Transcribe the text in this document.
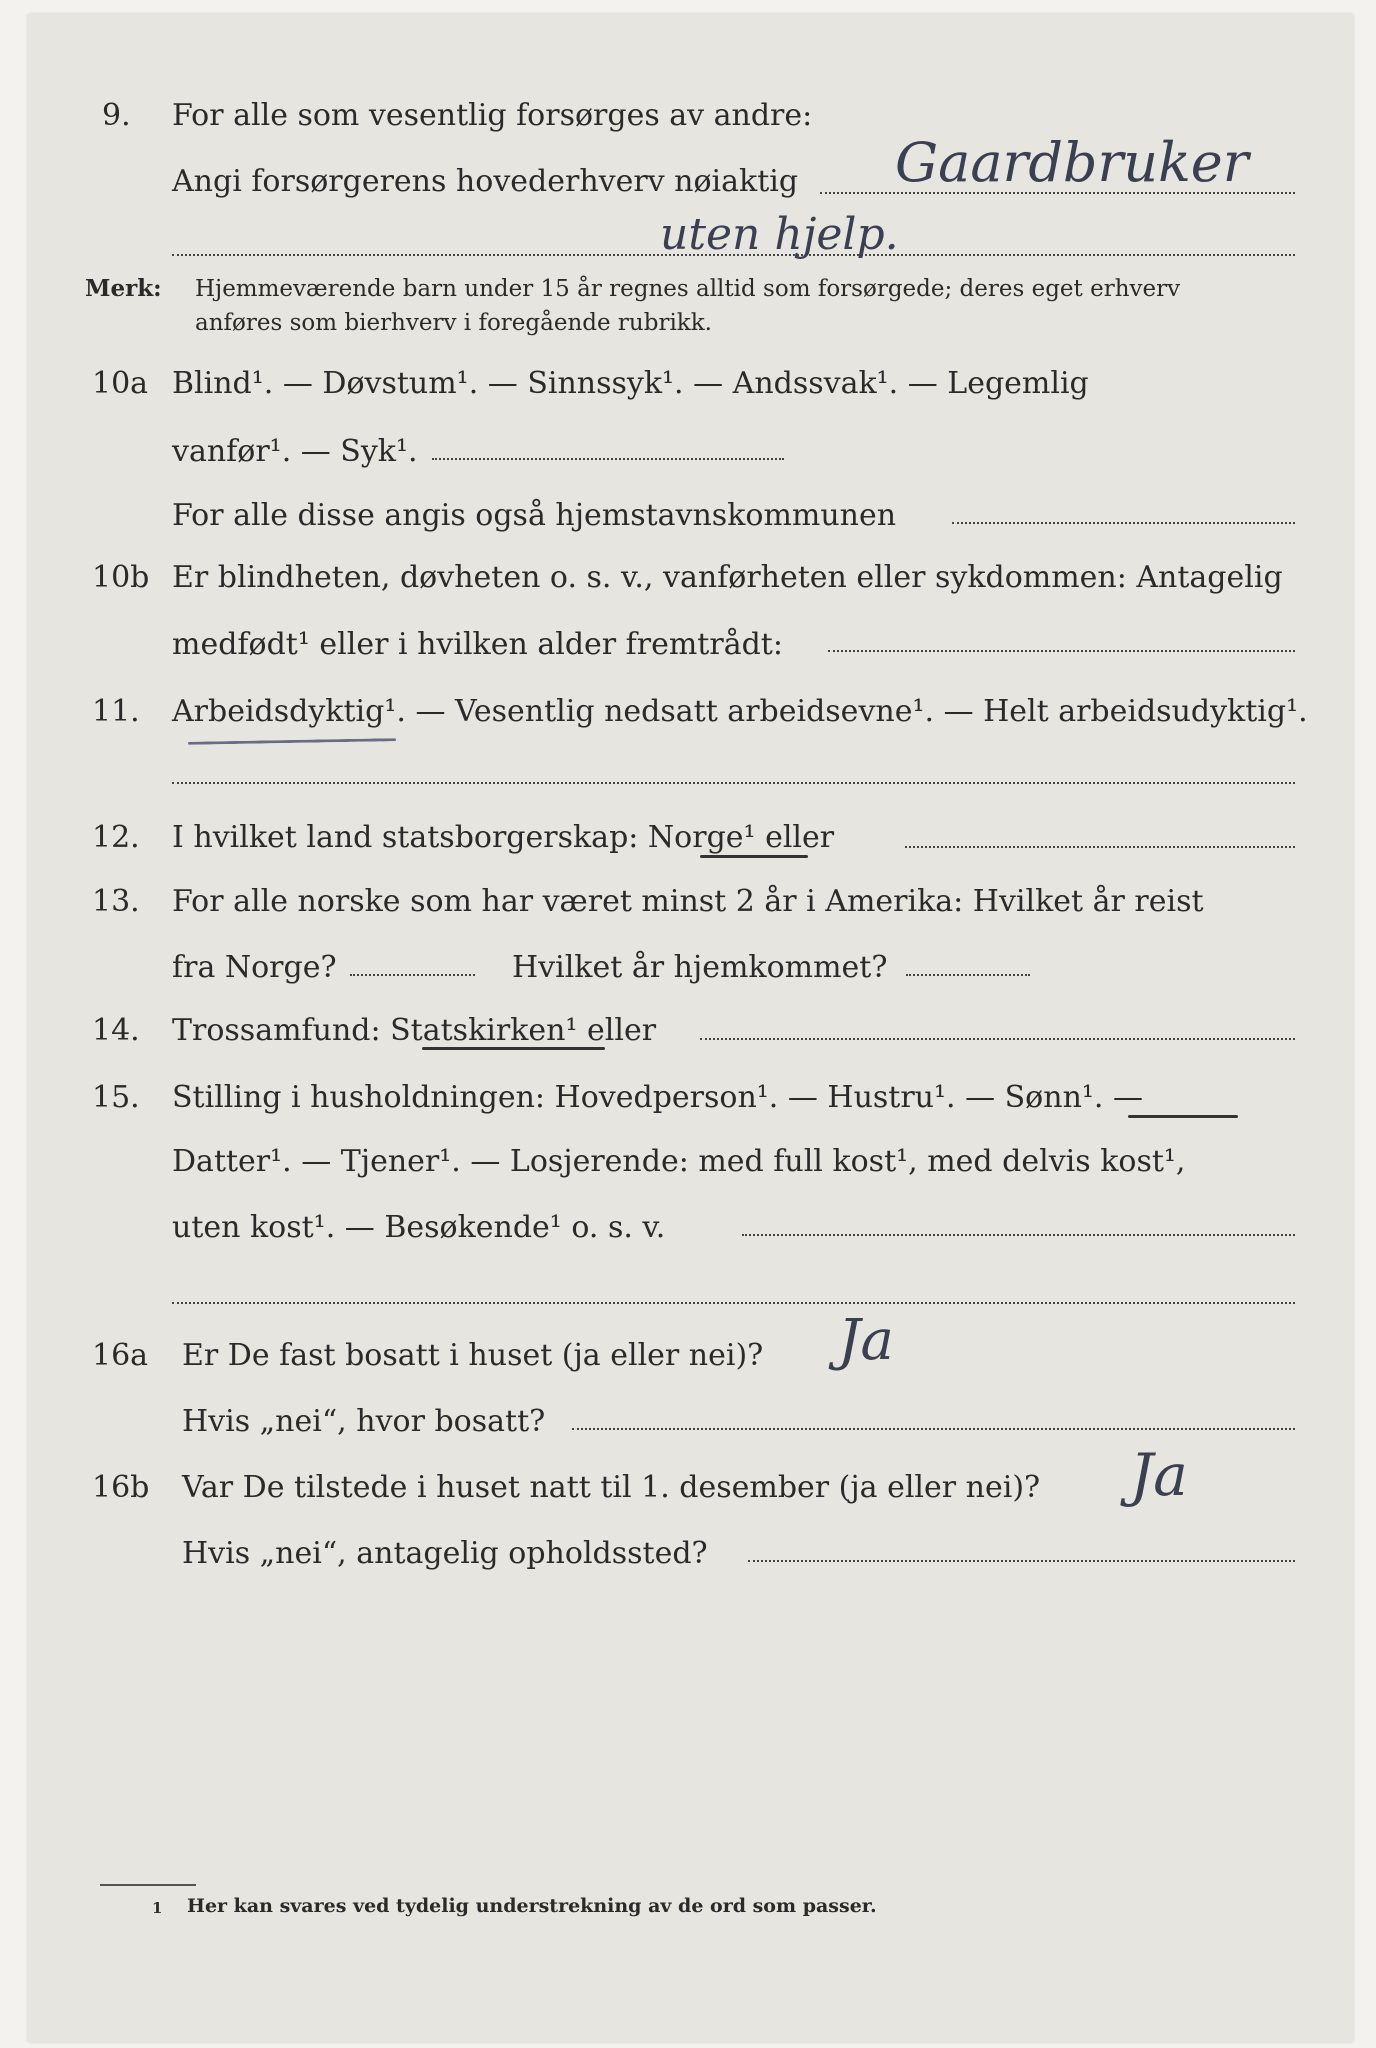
9. For alle som vesentlig forsørges av andre:
Angi forsørgerens hovederhverv nøiaktig Gaardbruker
uten hjelp.
Merk: Hjemmeværende barn under 15 år regnes alltid som forsørgede; deres eget erhverv
anføres som bierhverv i foregående rubrikk.
10a Blind¹. — Døvstum¹. — Sinnssyk¹. — Andssvak¹. — Legemlig
vanfør¹. — Syk¹.
For alle disse angis også hjemstavnskommunen
10b Er blindheten, døvheten o. s. v., vanførheten eller sykdommen: Antagelig
medfødt¹ eller i hvilken alder fremtrådt:
11. Arbeidsdyktig¹. — Vesentlig nedsatt arbeidsevne¹. — Helt arbeidsudyktig¹.
12. I hvilket land statsborgerskap: Norge¹ eller
13. For alle norske som har været minst 2 år i Amerika: Hvilket år reist
fra Norge?	Hvilket år hjemkommet?
14. Trossamfund: Statskirken¹ eller
15. Stilling i husholdningen: Hovedperson¹. — Hustru¹. — Sønn¹. —
Datter¹. — Tjener¹. — Losjerende: med full kost¹, med delvis kost¹,
uten kost¹. — Besøkende¹ o. s. v.
16a Er De fast bosatt i huset (ja eller nei)? Ja
Hvis „nei“, hvor bosatt?
16b Var De tilstede i huset natt til 1. desember (ja eller nei)? Ja
Hvis „nei“, antagelig opholdssted?
1 Her kan svares ved tydelig understrekning av de ord som passer.
